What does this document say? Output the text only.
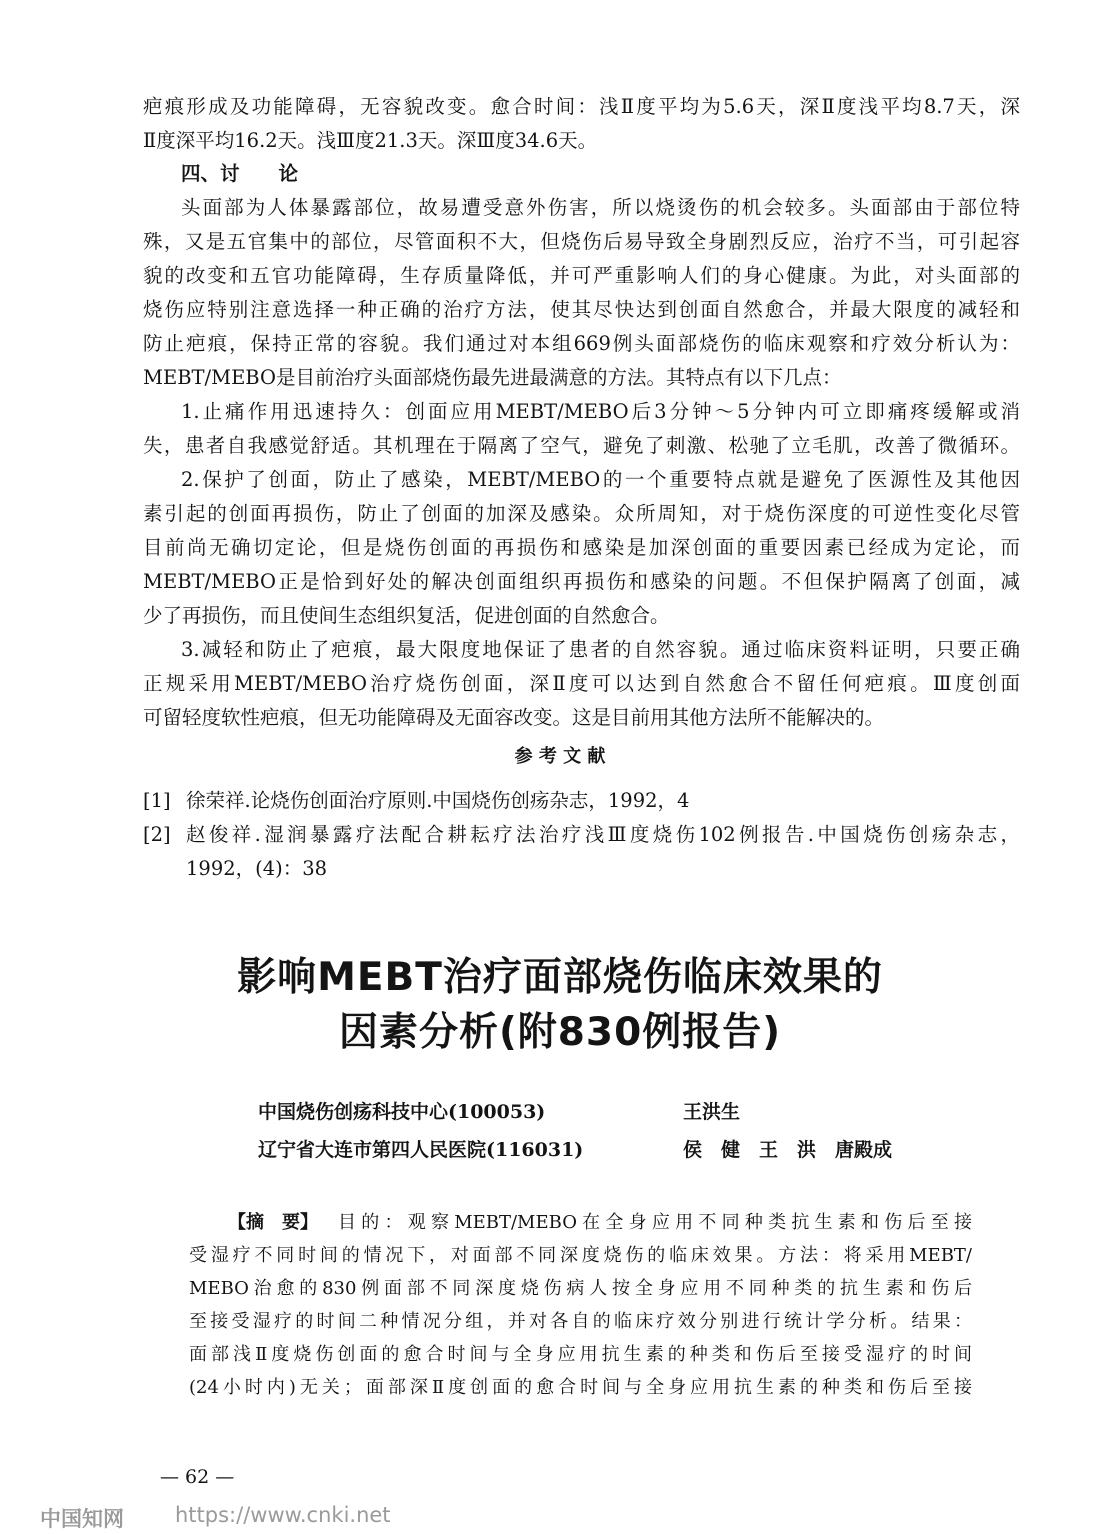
疤痕形成及功能障碍，无容貌改变。愈合时间：浅Ⅱ度平均为5.6天，深Ⅱ度浅平均8.7天，深
Ⅱ度深平均16.2天。浅Ⅲ度21.3天。深Ⅲ度34.6天。
四、讨　　论
头面部为人体暴露部位，故易遭受意外伤害，所以烧烫伤的机会较多。头面部由于部位特
殊，又是五官集中的部位，尽管面积不大，但烧伤后易导致全身剧烈反应，治疗不当，可引起容
貌的改变和五官功能障碍，生存质量降低，并可严重影响人们的身心健康。为此，对头面部的
烧伤应特别注意选择一种正确的治疗方法，使其尽快达到创面自然愈合，并最大限度的减轻和
防止疤痕，保持正常的容貌。我们通过对本组669例头面部烧伤的临床观察和疗效分析认为：
MEBT/MEBO是目前治疗头面部烧伤最先进最满意的方法。其特点有以下几点：
1.止痛作用迅速持久：创面应用MEBT/MEBO后3分钟～5分钟内可立即痛疼缓解或消
失，患者自我感觉舒适。其机理在于隔离了空气，避免了刺激、松驰了立毛肌，改善了微循环。
2.保护了创面，防止了感染，MEBT/MEBO的一个重要特点就是避免了医源性及其他因
素引起的创面再损伤，防止了创面的加深及感染。众所周知，对于烧伤深度的可逆性变化尽管
目前尚无确切定论，但是烧伤创面的再损伤和感染是加深创面的重要因素已经成为定论，而
MEBT/MEBO正是恰到好处的解决创面组织再损伤和感染的问题。不但保护隔离了创面，减
少了再损伤，而且使间生态组织复活，促进创面的自然愈合。
3.减轻和防止了疤痕，最大限度地保证了患者的自然容貌。通过临床资料证明，只要正确
正规采用MEBT/MEBO治疗烧伤创面，深Ⅱ度可以达到自然愈合不留任何疤痕。Ⅲ度创面
可留轻度软性疤痕，但无功能障碍及无面容改变。这是目前用其他方法所不能解决的。
参 考 文 献
[1] 徐荣祥.论烧伤创面治疗原则.中国烧伤创疡杂志，1992，4
[2] 赵俊祥.湿润暴露疗法配合耕耘疗法治疗浅Ⅲ度烧伤102例报告.中国烧伤创疡杂志，
1992，(4)：38
影响MEBT治疗面部烧伤临床效果的
因素分析(附830例报告)
中国烧伤创疡科技中心(100053)	王洪生
辽宁省大连市第四人民医院(116031)	侯　健　王　洪　唐殿成
【摘　要】 目的：观察MEBT/MEBO在全身应用不同种类抗生素和伤后至接
受湿疗不同时间的情况下，对面部不同深度烧伤的临床效果。方法：将采用MEBT/
MEBO治愈的830例面部不同深度烧伤病人按全身应用不同种类的抗生素和伤后
至接受湿疗的时间二种情况分组，并对各自的临床疗效分别进行统计学分析。结果：
面部浅Ⅱ度烧伤创面的愈合时间与全身应用抗生素的种类和伤后至接受湿疗的时间
(24小时内)无关；面部深Ⅱ度创面的愈合时间与全身应用抗生素的种类和伤后至接
— 62 —
中国知网 https://www.cnki.net
